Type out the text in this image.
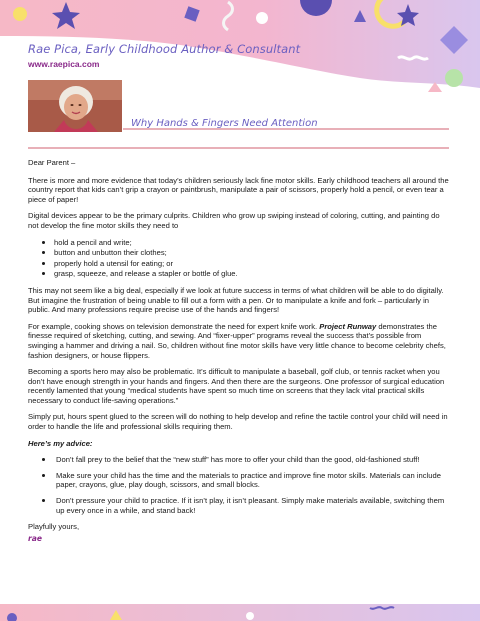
Rae Pica, Early Childhood Author & Consultant
www.raepica.com
Why Hands & Fingers Need Attention

Dear Parent –

There is more and more evidence that today’s children seriously lack fine motor skills. Early childhood teachers all around the country report that kids can’t grip a crayon or paintbrush, manipulate a pair of scissors, properly hold a pencil, or even tear a piece of paper!

Digital devices appear to be the primary culprits. Children who grow up swiping instead of coloring, cutting, and painting do not develop the fine motor skills they need to

hold a pencil and write;
button and unbutton their clothes;
properly hold a utensil for eating; or
grasp, squeeze, and release a stapler or bottle of glue.

This may not seem like a big deal, especially if we look at future success in terms of what children will be able to do digitally. But imagine the frustration of being unable to fill out a form with a pen. Or to manipulate a knife and fork – particularly in public. And many professions require precise use of the hands and fingers!

For example, cooking shows on television demonstrate the need for expert knife work. Project Runway demonstrates the finesse required of sketching, cutting, and sewing. And “fixer-upper” programs reveal the success that’s possible from swinging a hammer and driving a nail. So, children without fine motor skills have very little chance to become celebrity chefs, fashion designers, or house flippers.

Becoming a sports hero may also be problematic. It’s difficult to manipulate a baseball, golf club, or tennis racket when you don’t have enough strength in your hands and fingers. And then there are the surgeons. One professor of surgical education recently lamented that young “medical students have spent so much time on screens that they lack vital practical skills necessary to conduct life-saving operations.”

Simply put, hours spent glued to the screen will do nothing to help develop and refine the tactile control your child will need in order to handle the life and professional skills requiring them.

Here’s my advice:

Don’t fall prey to the belief that the “new stuff” has more to offer your child than the good, old-fashioned stuff!
Make sure your child has the time and the materials to practice and improve fine motor skills. Materials can include paper, crayons, glue, play dough, scissors, and small blocks.
Don’t pressure your child to practice. If it isn’t play, it isn’t pleasant. Simply make materials available, switching them up every once in a while, and stand back!

Playfully yours,

rae
